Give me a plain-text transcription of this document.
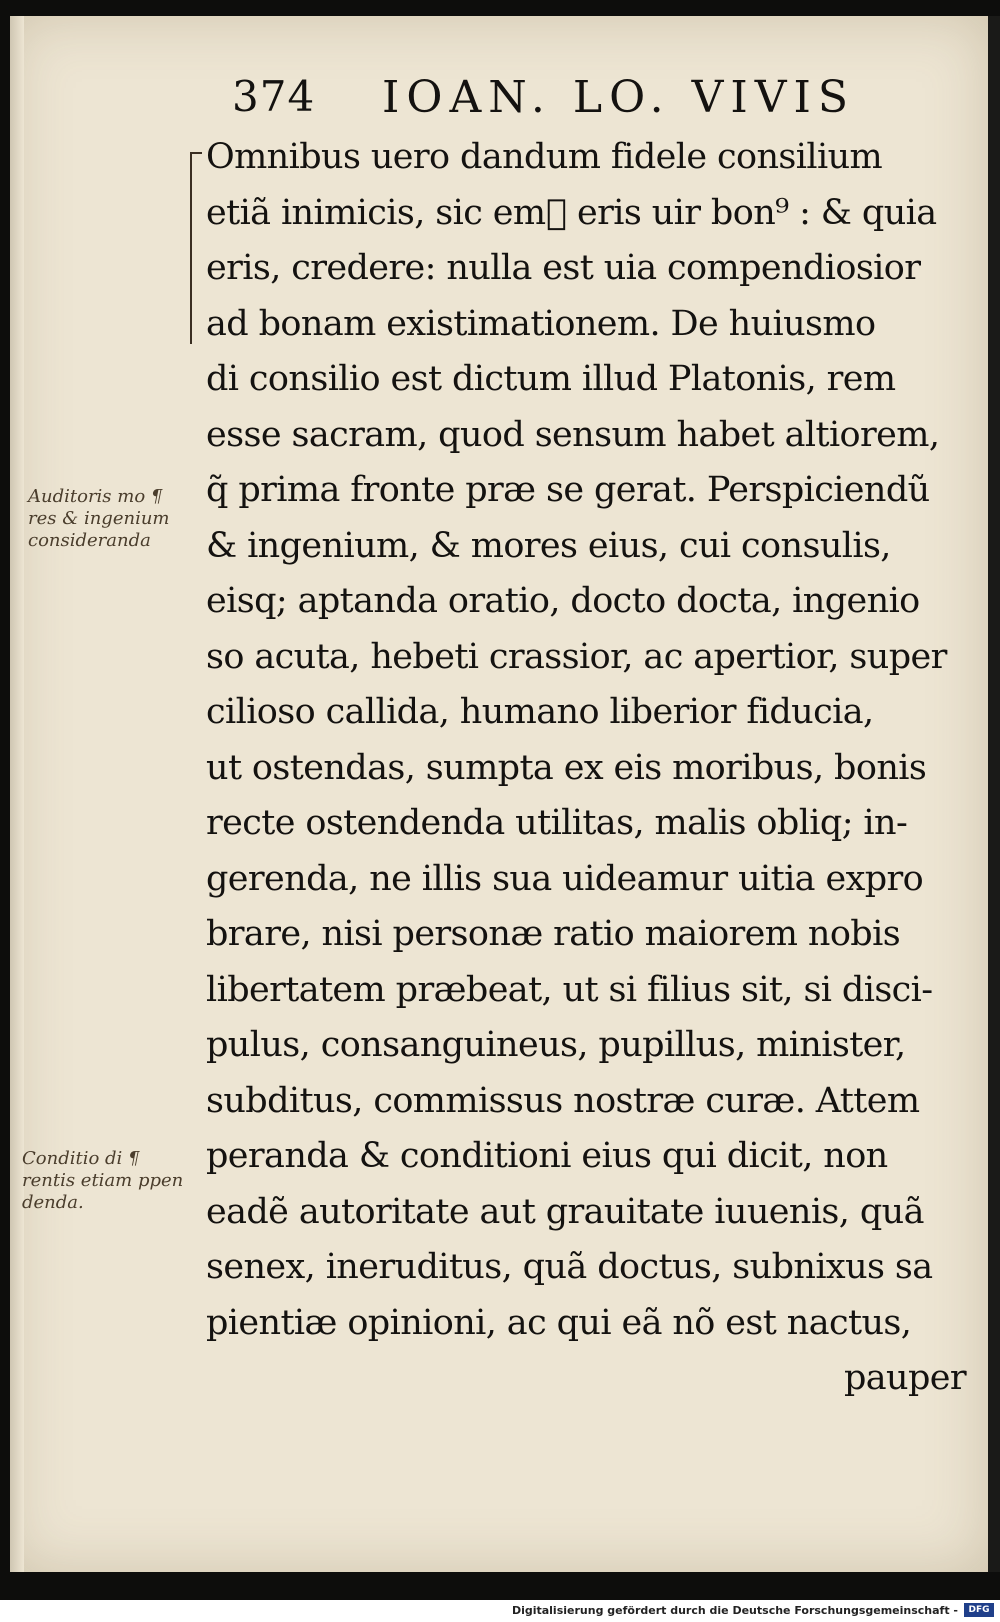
374 IOAN. LO. VIVIS
Omnibus uero dandum fidele consilium
etiã inimicis, sic emᷓ eris uir bon⁹ : & quia
eris, credere: nulla est uia compendiosior
ad bonam existimationem. De huiusmo
di consilio est dictum illud Platonis, rem
esse sacram, quod sensum habet altiorem,
q̃ prima fronte præ se gerat. Perspiciendũ
& ingenium, & mores eius, cui consulis,
eisq; aptanda oratio, docto docta, ingenio
so acuta, hebeti crassior, ac apertior, super
ciliosо callida, humano liberior fiducia,
ut ostendas, sumpta ex eis moribus, bonis
recte ostendenda utilitas, malis obliq; in-
gerenda, ne illis sua uideamur uitia expro
brare, nisi personæ ratio maiorem nobis
libertatem præbeat, ut si filius sit, si disci-
pulus, consanguineus, pupillus, minister,
subditus, commissus nostræ curæ. Attem
peranda & conditioni eius qui dicit, non
eadẽ autoritate aut grauitate iuuenis, quã
senex, ineruditus, quã doctus, subnixus sa
pientiæ opinioni, ac qui eã nõ est nactus,
pauper
Auditoris mo ¶
res & ingenium
consideranda
Conditio di ¶
rentis etiam ppen
denda.
Digitalisierung gefördert durch die Deutsche Forschungsgemeinschaft -	DFG
